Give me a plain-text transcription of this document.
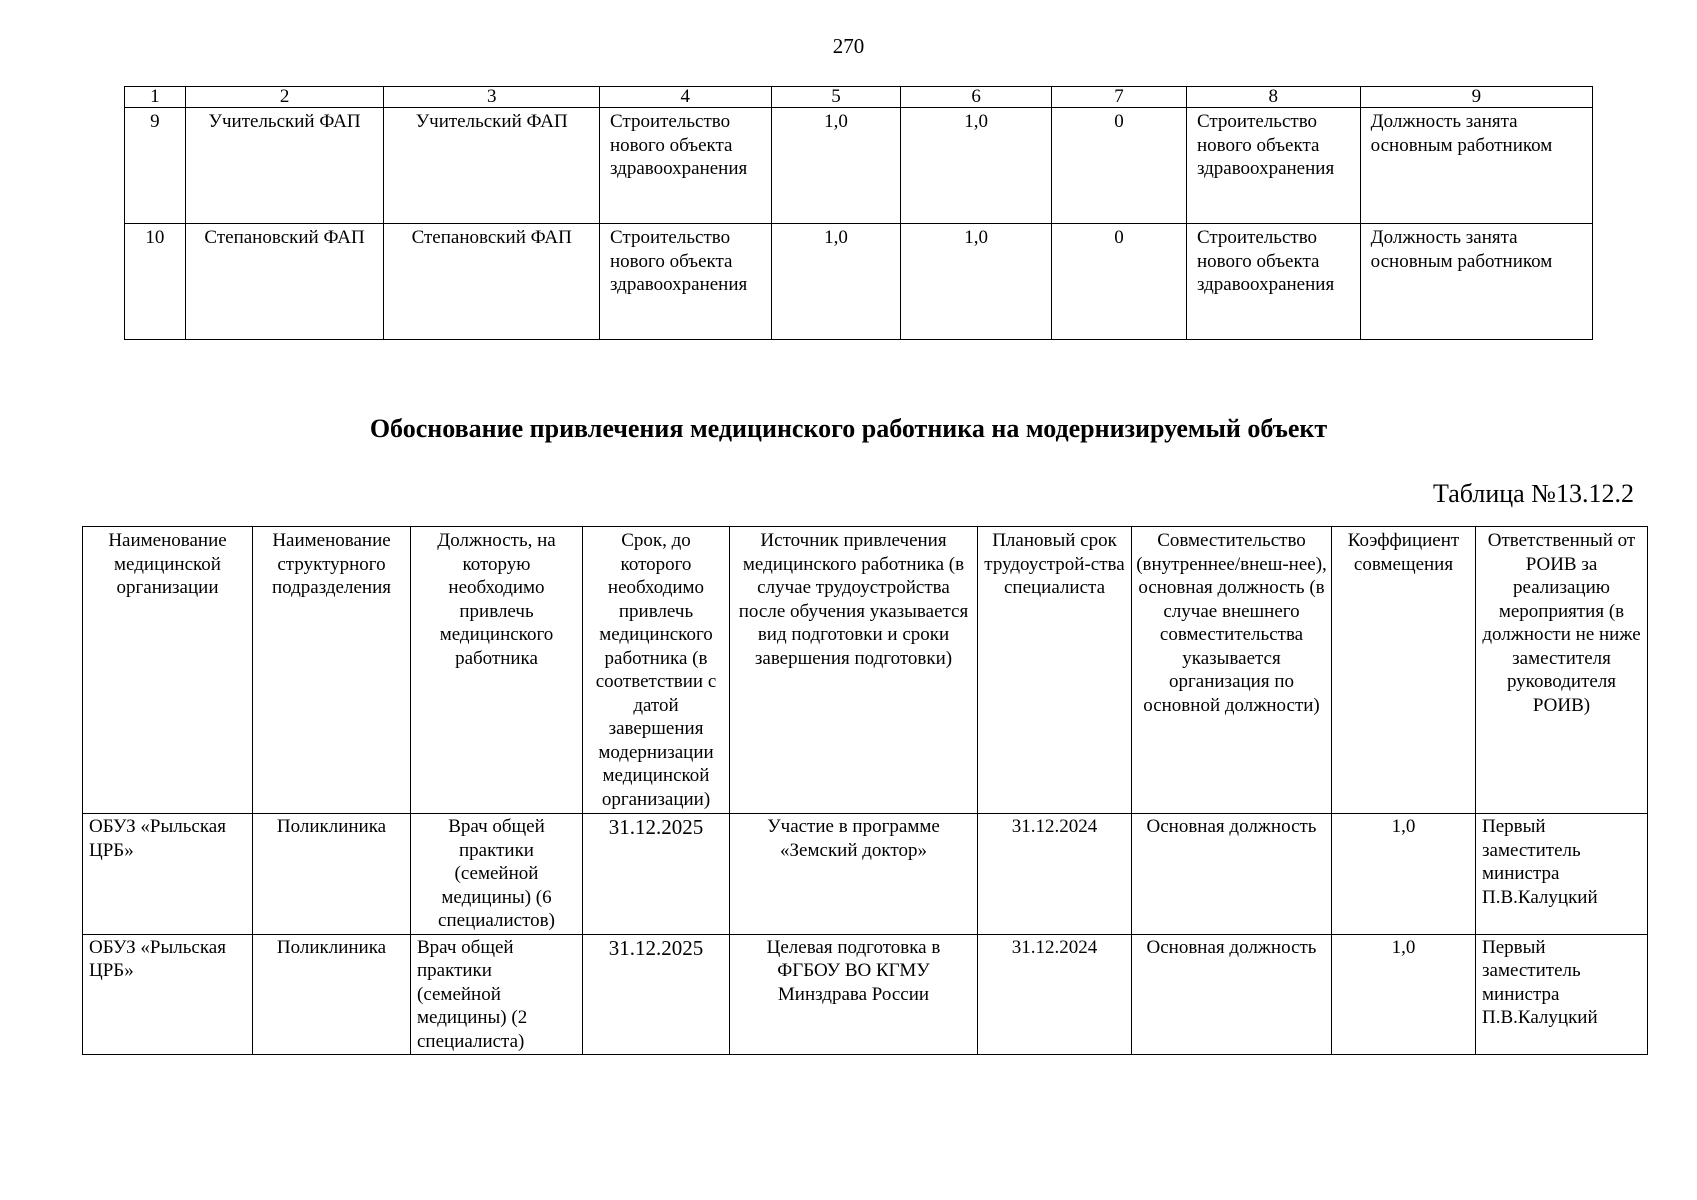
270
1	2	3	4	5	6	7	8	9
9	Учительский ФАП	Учительский ФАП	Строительство нового объекта здравоохранения	1,0	1,0	0	Строительство нового объекта здравоохранения	Должность занята основным работником
10	Степановский ФАП	Степановский ФАП	Строительство нового объекта здравоохранения	1,0	1,0	0	Строительство нового объекта здравоохранения	Должность занята основным работником
Обоснование привлечения медицинского работника на модернизируемый объект
Таблица №13.12.2
Наименование медицинской организации	Наименование структурного подразделения	Должность, на которую необходимо привлечь медицинского работника	Срок, до которого необходимо привлечь медицинского работника (в соответствии с датой завершения модернизации медицинской организации)	Источник привлечения медицинского работника (в случае трудоустройства после обучения указывается вид подготовки и сроки завершения подготовки)	Плановый срок трудоустрой-ства специалиста	Совместительство (внутреннее/внеш-нее), основная должность (в случае внешнего совместительства указывается организация по основной должности)	Коэффициент совмещения	Ответственный от РОИВ за реализацию мероприятия (в должности не ниже заместителя руководителя РОИВ)
ОБУЗ «Рыльская ЦРБ»	Поликлиника	Врач общей практики (семейной медицины) (6 специалистов)	31.12.2025	Участие в программе «Земский доктор»	31.12.2024	Основная должность	1,0	Первый заместитель министра П.В.Калуцкий
ОБУЗ «Рыльская ЦРБ»	Поликлиника	Врач общей практики (семейной медицины) (2 специалиста)	31.12.2025	Целевая подготовка в ФГБОУ ВО КГМУ Минздрава России	31.12.2024	Основная должность	1,0	Первый заместитель министра П.В.Калуцкий
